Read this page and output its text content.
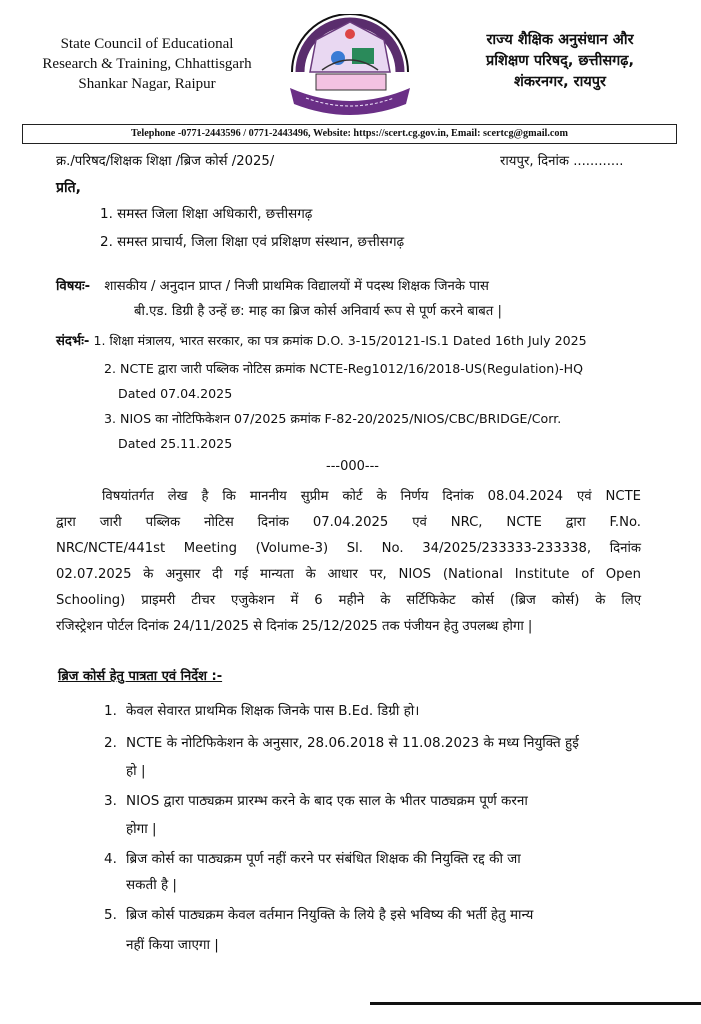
State Council of Educational
Research & Training, Chhattisgarh
Shankar Nagar, Raipur
राज्य शैक्षिक अनुसंधान और
प्रशिक्षण परिषद्, छत्तीसगढ़,
शंकरनगर, रायपुर
Telephone -0771-2443596 / 0771-2443496, Website: https://scert.cg.gov.in, Email: scertcg@gmail.com
क्र./परिषद/शिक्षक शिक्षा /ब्रिज कोर्स /2025/	रायपुर, दिनांक ............
प्रति,
1. समस्त जिला शिक्षा अधिकारी, छत्तीसगढ़
2. समस्त प्राचार्य, जिला शिक्षा एवं प्रशिक्षण संस्थान, छत्तीसगढ़
विषयः- शासकीय / अनुदान प्राप्त / निजी प्राथमिक विद्यालयों में पदस्थ शिक्षक जिनके पास
बी.एड. डिग्री है उन्हें छ: माह का ब्रिज कोर्स अनिवार्य रूप से पूर्ण करने बाबत |
संदर्भः- 1. शिक्षा मंत्रालय, भारत सरकार, का पत्र क्रमांक D.O. 3-15/20121-IS.1 Dated 16th July 2025
2. NCTE द्वारा जारी पब्लिक नोटिस क्रमांक NCTE-Reg1012/16/2018-US(Regulation)-HQ
Dated 07.04.2025
3. NIOS का नोटिफिकेशन 07/2025 क्रमांक F-82-20/2025/NIOS/CBC/BRIDGE/Corr.
Dated 25.11.2025
---000---
विषयांतर्गत लेख है कि माननीय सुप्रीम कोर्ट के निर्णय दिनांक 08.04.2024 एवं NCTE
द्वारा जारी पब्लिक नोटिस दिनांक 07.04.2025 एवं NRC, NCTE द्वारा F.No.
NRC/NCTE/441st Meeting (Volume-3) Sl. No. 34/2025/233333-233338, दिनांक
02.07.2025 के अनुसार दी गई मान्यता के आधार पर, NIOS (National Institute of Open
Schooling) प्राइमरी टीचर एजुकेशन में 6 महीने के सर्टिफिकेट कोर्स (ब्रिज कोर्स) के लिए
रजिस्ट्रेशन पोर्टल दिनांक 24/11/2025 से दिनांक 25/12/2025 तक पंजीयन हेतु उपलब्ध होगा |
ब्रिज कोर्स हेतु पात्रता एवं निर्देश :-
1. केवल सेवारत प्राथमिक शिक्षक जिनके पास B.Ed. डिग्री हो।
2. NCTE के नोटिफिकेशन के अनुसार, 28.06.2018 से 11.08.2023 के मध्य नियुक्ति हुई
हो |
3. NIOS द्वारा पाठ्यक्रम प्रारम्भ करने के बाद एक साल के भीतर पाठ्यक्रम पूर्ण करना
होगा |
4. ब्रिज कोर्स का पाठ्यक्रम पूर्ण नहीं करने पर संबंधित शिक्षक की नियुक्ति रद्द की जा
सकती है |
5. ब्रिज कोर्स पाठ्यक्रम केवल वर्तमान नियुक्ति के लिये है इसे भविष्य की भर्ती हेतु मान्य
नहीं किया जाएगा |
